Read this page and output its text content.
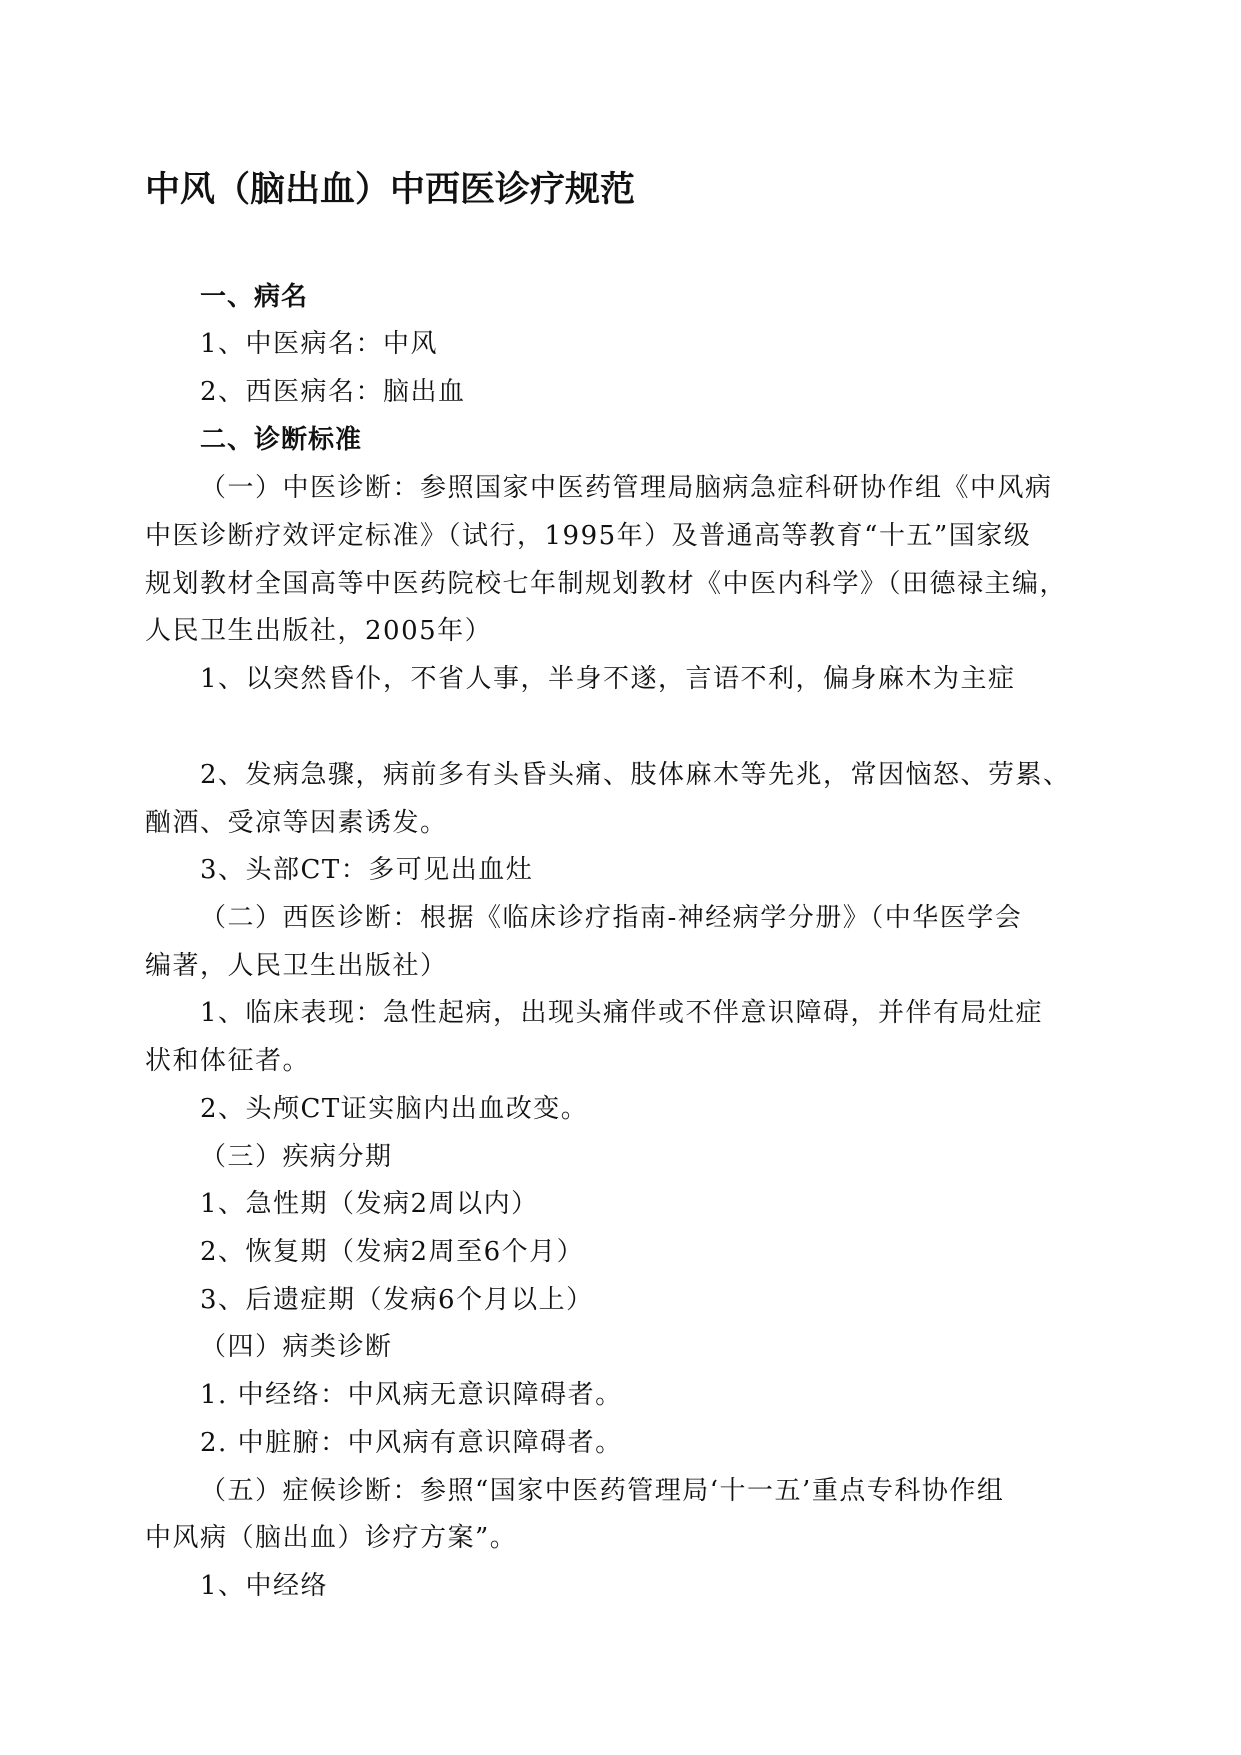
中风（脑出血）中西医诊疗规范
一、病名
1、中医病名：中风
2、西医病名：脑出血
二、诊断标准
（一）中医诊断：参照国家中医药管理局脑病急症科研协作组《中风病
中医诊断疗效评定标准》（试行，1995年）及普通高等教育“十五”国家级
规划教材全国高等中医药院校七年制规划教材《中医内科学》（田德禄主编，
人民卫生出版社，2005年）
1、以突然昏仆，不省人事，半身不遂，言语不利，偏身麻木为主症
2、发病急骤，病前多有头昏头痛、肢体麻木等先兆，常因恼怒、劳累、
酗酒、受凉等因素诱发。
3、头部CT：多可见出血灶
（二）西医诊断：根据《临床诊疗指南-神经病学分册》（中华医学会
编著，人民卫生出版社）
1、临床表现：急性起病，出现头痛伴或不伴意识障碍，并伴有局灶症
状和体征者。
2、头颅CT证实脑内出血改变。
（三）疾病分期
1、急性期（发病2周以内）
2、恢复期（发病2周至6个月）
3、后遗症期（发病6个月以上）
（四）病类诊断
1. 中经络：中风病无意识障碍者。
2. 中脏腑：中风病有意识障碍者。
（五）症候诊断：参照“国家中医药管理局‘十一五’重点专科协作组
中风病（脑出血）诊疗方案”。
1、中经络
